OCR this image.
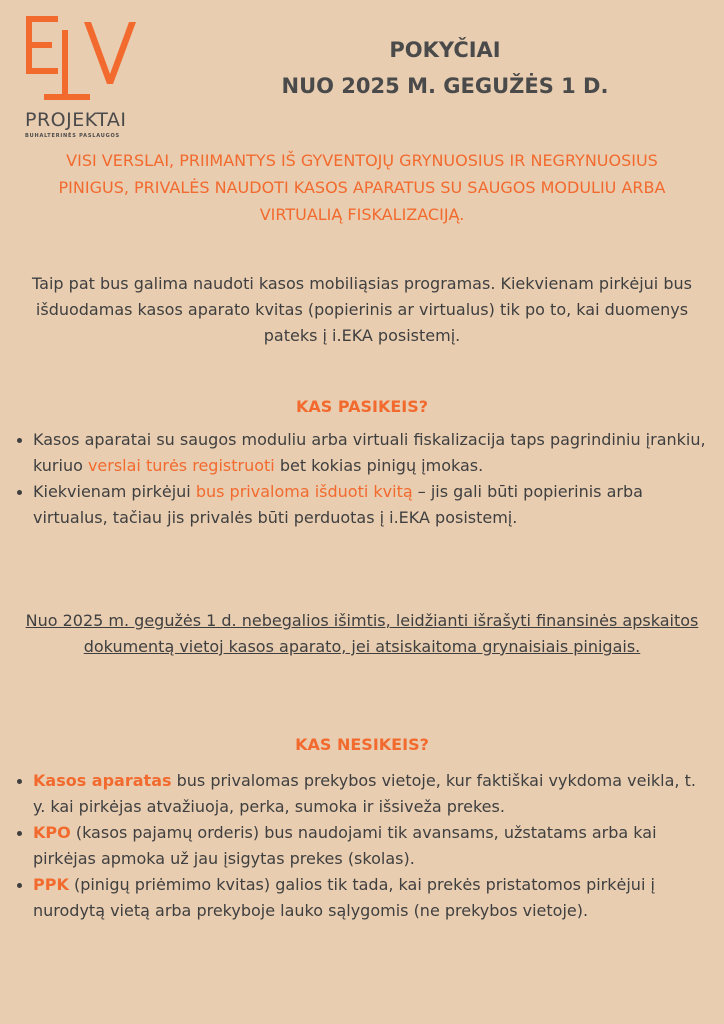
PROJEKTAI
BUHALTERINĖS PASLAUGOS
POKYČIAI
NUO 2025 M. GEGUŽĖS 1 D.
VISI VERSLAI, PRIIMANTYS IŠ GYVENTOJŲ GRYNUOSIUS IR NEGRYNUOSIUS PINIGUS, PRIVALĖS NAUDOTI KASOS APARATUS SU SAUGOS MODULIU ARBA VIRTUALIĄ FISKALIZACIJĄ.
Taip pat bus galima naudoti kasos mobiliąsias programas. Kiekvienam pirkėjui bus išduodamas kasos aparato kvitas (popierinis ar virtualus) tik po to, kai duomenys pateks į i.EKA posistemį.
KAS PASIKEIS?
Kasos aparatai su saugos moduliu arba virtuali fiskalizacija taps pagrindiniu įrankiu, kuriuo verslai turės registruoti bet kokias pinigų įmokas.
Kiekvienam pirkėjui bus privaloma išduoti kvitą – jis gali būti popierinis arba virtualus, tačiau jis privalės būti perduotas į i.EKA posistemį.
Nuo 2025 m. gegužės 1 d. nebegalios išimtis, leidžianti išrašyti finansinės apskaitos dokumentą vietoj kasos aparato, jei atsiskaitoma grynaisiais pinigais.
KAS NESIKEIS?
Kasos aparatas bus privalomas prekybos vietoje, kur faktiškai vykdoma veikla, t. y. kai pirkėjas atvažiuoja, perka, sumoka ir išsiveža prekes.
KPO (kasos pajamų orderis) bus naudojami tik avansams, užstatams arba kai pirkėjas apmoka už jau įsigytas prekes (skolas).
PPK (pinigų priėmimo kvitas) galios tik tada, kai prekės pristatomos pirkėjui į nurodytą vietą arba prekyboje lauko sąlygomis (ne prekybos vietoje).
